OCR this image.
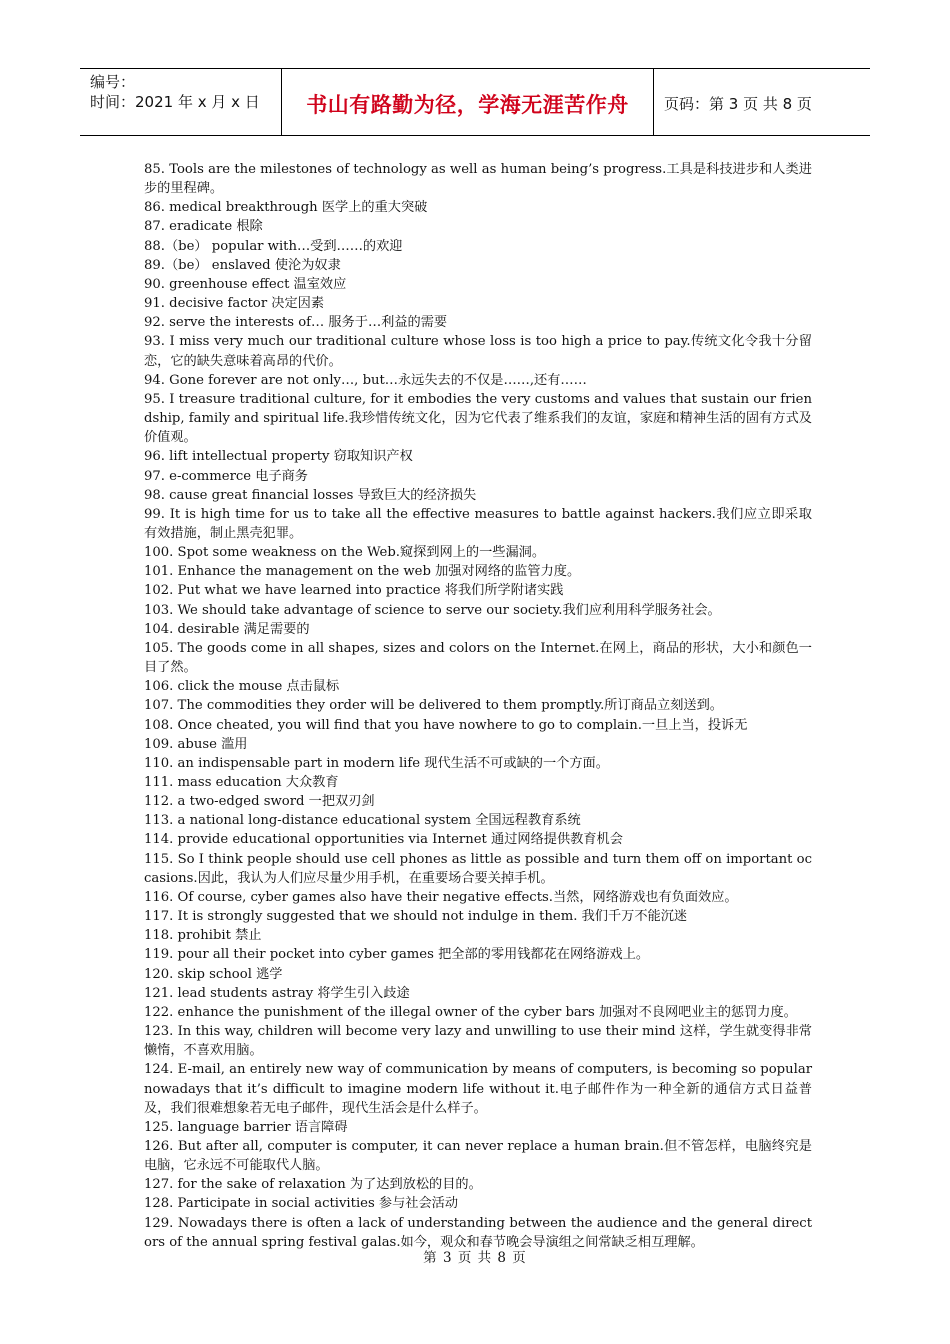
编号：
时间：2021 年 x 月 x 日	书山有路勤为径，学海无涯苦作舟	页码：第 3 页 共 8 页

85. Tools are the milestones of technology as well as human being’s progress.工具是科技进步和人类进步的里程碑。

86. medical breakthrough 医学上的重大突破

87. eradicate 根除

88.（be） popular with…受到……的欢迎

89.（be） enslaved 使沦为奴隶

90. greenhouse effect 温室效应

91. decisive factor 决定因素

92. serve the interests of… 服务于…利益的需要

93. I miss very much our traditional culture whose loss is too high a price to pay.传统文化令我十分留恋，它的缺失意味着高昂的代价。

94. Gone forever are not only…, but…永远失去的不仅是……,还有……

95. I treasure traditional culture, for it embodies the very customs and values that sustain our friendship, family and spiritual life.我珍惜传统文化，因为它代表了维系我们的友谊，家庭和精神生活的固有方式及价值观。

96. lift intellectual property 窃取知识产权

97. e-commerce 电子商务

98. cause great financial losses 导致巨大的经济损失

99. It is high time for us to take all the effective measures to battle against hackers.我们应立即采取有效措施，制止黑壳犯罪。

100. Spot some weakness on the Web.窥探到网上的一些漏洞。

101. Enhance the management on the web 加强对网络的监管力度。

102. Put what we have learned into practice 将我们所学附诸实践

103. We should take advantage of science to serve our society.我们应利用科学服务社会。

104. desirable 满足需要的

105. The goods come in all shapes, sizes and colors on the Internet.在网上，商品的形状，大小和颜色一目了然。

106. click the mouse 点击鼠标

107. The commodities they order will be delivered to them promptly.所订商品立刻送到。

108. Once cheated, you will find that you have nowhere to go to complain.一旦上当，投诉无

109. abuse 滥用

110. an indispensable part in modern life 现代生活不可或缺的一个方面。

111. mass education 大众教育

112. a two-edged sword 一把双刃剑

113. a national long-distance educational system 全国远程教育系统

114. provide educational opportunities via Internet 通过网络提供教育机会

115. So I think people should use cell phones as little as possible and turn them off on important occasions.因此，我认为人们应尽量少用手机，在重要场合要关掉手机。

116. Of course, cyber games also have their negative effects.当然，网络游戏也有负面效应。

117. It is strongly suggested that we should not indulge in them. 我们千万不能沉迷

118. prohibit 禁止

119. pour all their pocket into cyber games 把全部的零用钱都花在网络游戏上。

120. skip school 逃学

121. lead students astray 将学生引入歧途

122. enhance the punishment of the illegal owner of the cyber bars 加强对不良网吧业主的惩罚力度。

123. In this way, children will become very lazy and unwilling to use their mind 这样，学生就变得非常懒惰，不喜欢用脑。

124. E-mail, an entirely new way of communication by means of computers, is becoming so popular nowadays that it’s difficult to imagine modern life without it.电子邮件作为一种全新的通信方式日益普及，我们很难想象若无电子邮件，现代生活会是什么样子。

125. language barrier 语言障碍

126. But after all, computer is computer, it can never replace a human brain.但不管怎样，电脑终究是电脑，它永远不可能取代人脑。

127. for the sake of relaxation 为了达到放松的目的。

128. Participate in social activities 参与社会活动

129. Nowadays there is often a lack of understanding between the audience and the general directors of the annual spring festival galas.如今，观众和春节晚会导演组之间常缺乏相互理解。

第 3 页 共 8 页
